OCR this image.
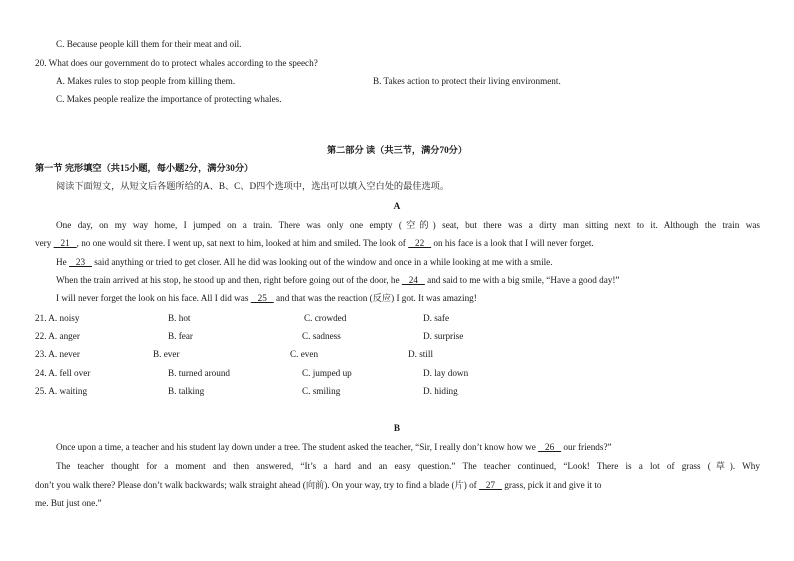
C. Because people kill them for their meat and oil.
20. What does our government do to protect whales according to the speech?
A. Makes rules to stop people from killing them.	B. Takes action to protect their living environment.
C. Makes people realize the importance of protecting whales.
第二部分 读（共三节，满分70分）
第一节 完形填空（共15小题，每小题2分，满分30分）
阅读下面短文，从短文后各题所给的A、B、C、D四个选项中，选出可以填入空白处的最佳选项。
A
One day, on my way home, I jumped on a train. There was only one empty (空的) seat, but there was a dirty man sitting next to it. Although the train was
very    21   , no one would sit there. I went up, sat next to him, looked at him and smiled. The look of    22    on his face is a look that I will never forget.
He    23    said anything or tried to get closer. All he did was looking out of the window and once in a while looking at me with a smile.
When the train arrived at his stop, he stood up and then, right before going out of the door, he    24    and said to me with a big smile, “Have a good day!”
I will never forget the look on his face. All I did was    25    and that was the reaction (反应) I got. It was amazing!
21. A. noisy	B. hot	C. crowded	D. safe
22. A. anger	B. fear	C. sadness	D. surprise
23. A. never	B. ever	C. even	D. still
24. A. fell over	B. turned around	C. jumped up	D. lay down
25. A. waiting	B. talking	C. smiling	D. hiding
B
Once upon a time, a teacher and his student lay down under a tree. The student asked the teacher, “Sir, I really don’t know how we    26    our friends?”
The teacher thought for a moment and then answered, “It’s a hard and an easy question.” The teacher continued, “Look! There is a lot of grass (草). Why
don’t you walk there? Please don’t walk backwards; walk straight ahead (向前). On your way, try to find a blade (片) of    27    grass, pick it and give it to
me. But just one.”
